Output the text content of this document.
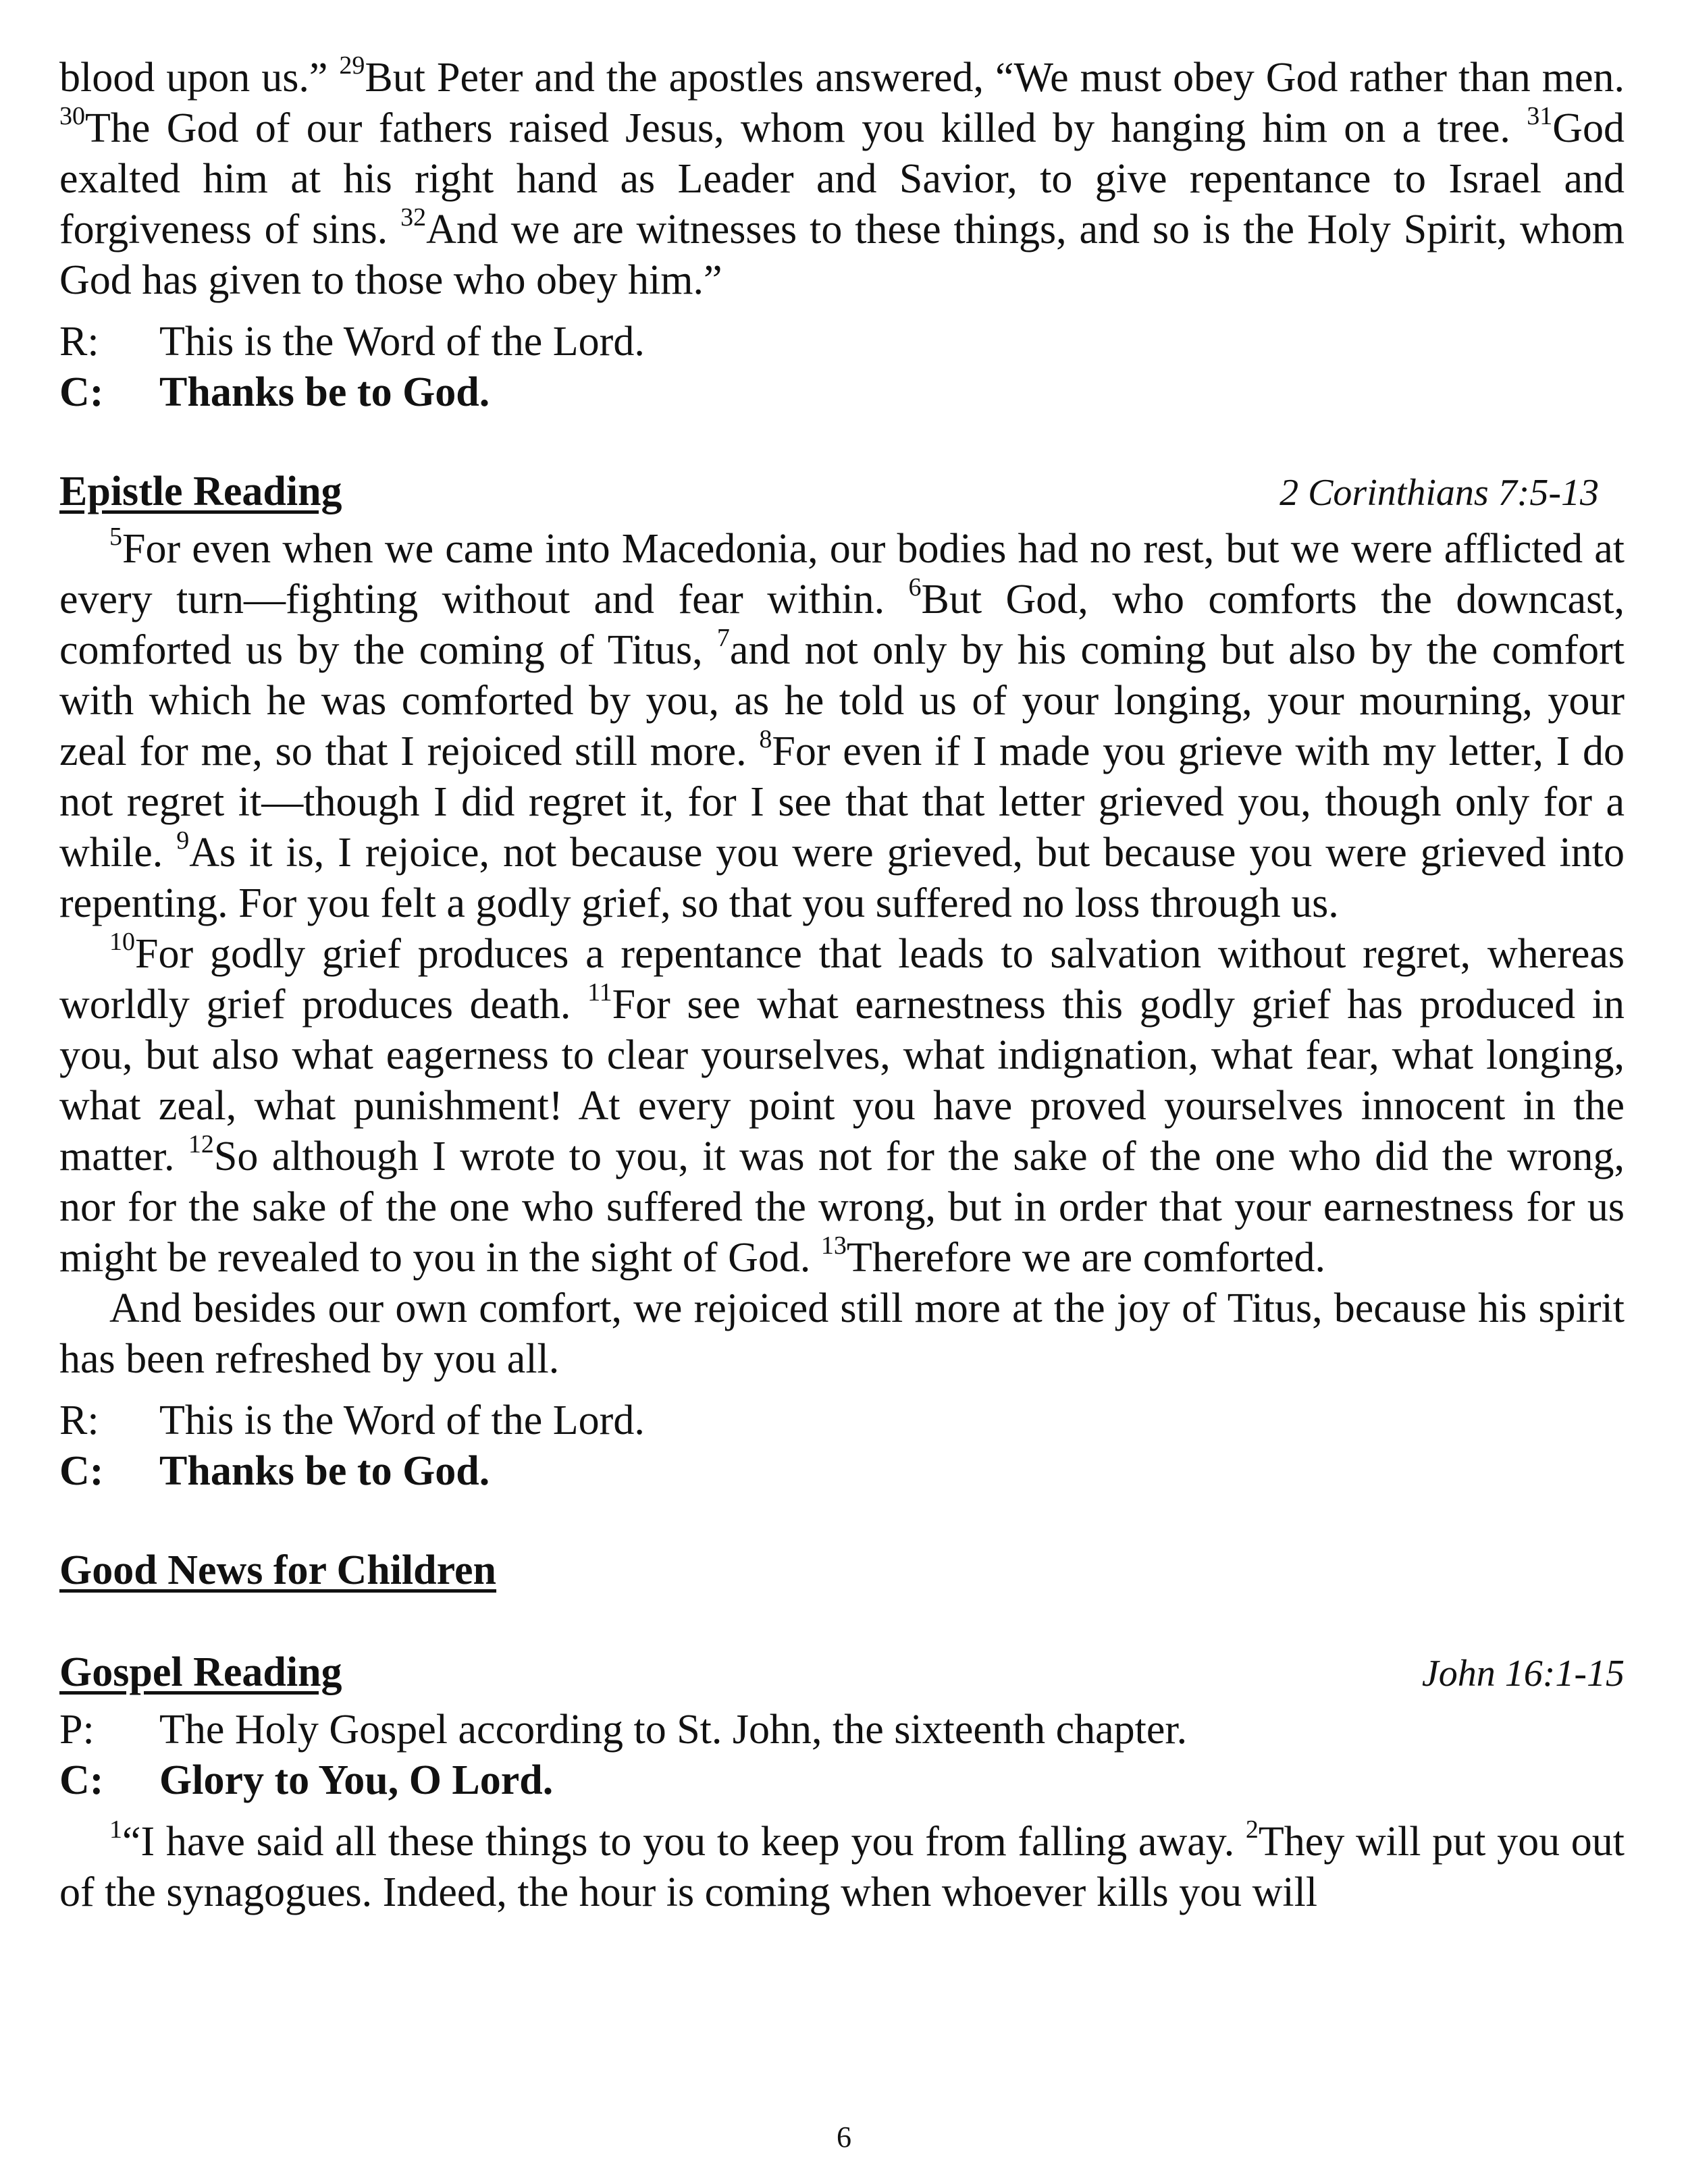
blood upon us.” $^{29}$But Peter and the apostles answered, “We must obey God rather than men. $^{30}$The God of our fathers raised Jesus, whom you killed by hanging him on a tree. $^{31}$God exalted him at his right hand as Leader and Savior, to give repentance to Israel and forgiveness of sins. $^{32}$And we are witnesses to these things, and so is the Holy Spirit, whom God has given to those who obey him.”

R:	This is the Word of the Lord.
C:	Thanks be to God.
Epistle Reading	2 Corinthians 7:5-13

$^5$For even when we came into Macedonia, our bodies had no rest, but we were afflicted at every turn—fighting without and fear within. $^6$But God, who comforts the downcast, comforted us by the coming of Titus, $^7$and not only by his coming but also by the comfort with which he was comforted by you, as he told us of your longing, your mourning, your zeal for me, so that I rejoiced still more. $^8$For even if I made you grieve with my letter, I do not regret it—though I did regret it, for I see that that letter grieved you, though only for a while. $^9$As it is, I rejoice, not because you were grieved, but because you were grieved into repenting. For you felt a godly grief, so that you suffered no loss through us.

$^{10}$For godly grief produces a repentance that leads to salvation without regret, whereas worldly grief produces death. $^{11}$For see what earnestness this godly grief has produced in you, but also what eagerness to clear yourselves, what indignation, what fear, what longing, what zeal, what punishment! At every point you have proved yourselves innocent in the matter. $^{12}$So although I wrote to you, it was not for the sake of the one who did the wrong, nor for the sake of the one who suffered the wrong, but in order that your earnestness for us might be revealed to you in the sight of God. $^{13}$Therefore we are comforted.

And besides our own comfort, we rejoiced still more at the joy of Titus, because his spirit has been refreshed by you all.

R:	This is the Word of the Lord.
C:	Thanks be to God.
Good News for Children
Gospel Reading	John 16:1-15
P:	The Holy Gospel according to St. John, the sixteenth chapter.
C:	Glory to You, O Lord.

$^1$“I have said all these things to you to keep you from falling away. $^2$They will put you out of the synagogues. Indeed, the hour is coming when whoever kills you will

6
